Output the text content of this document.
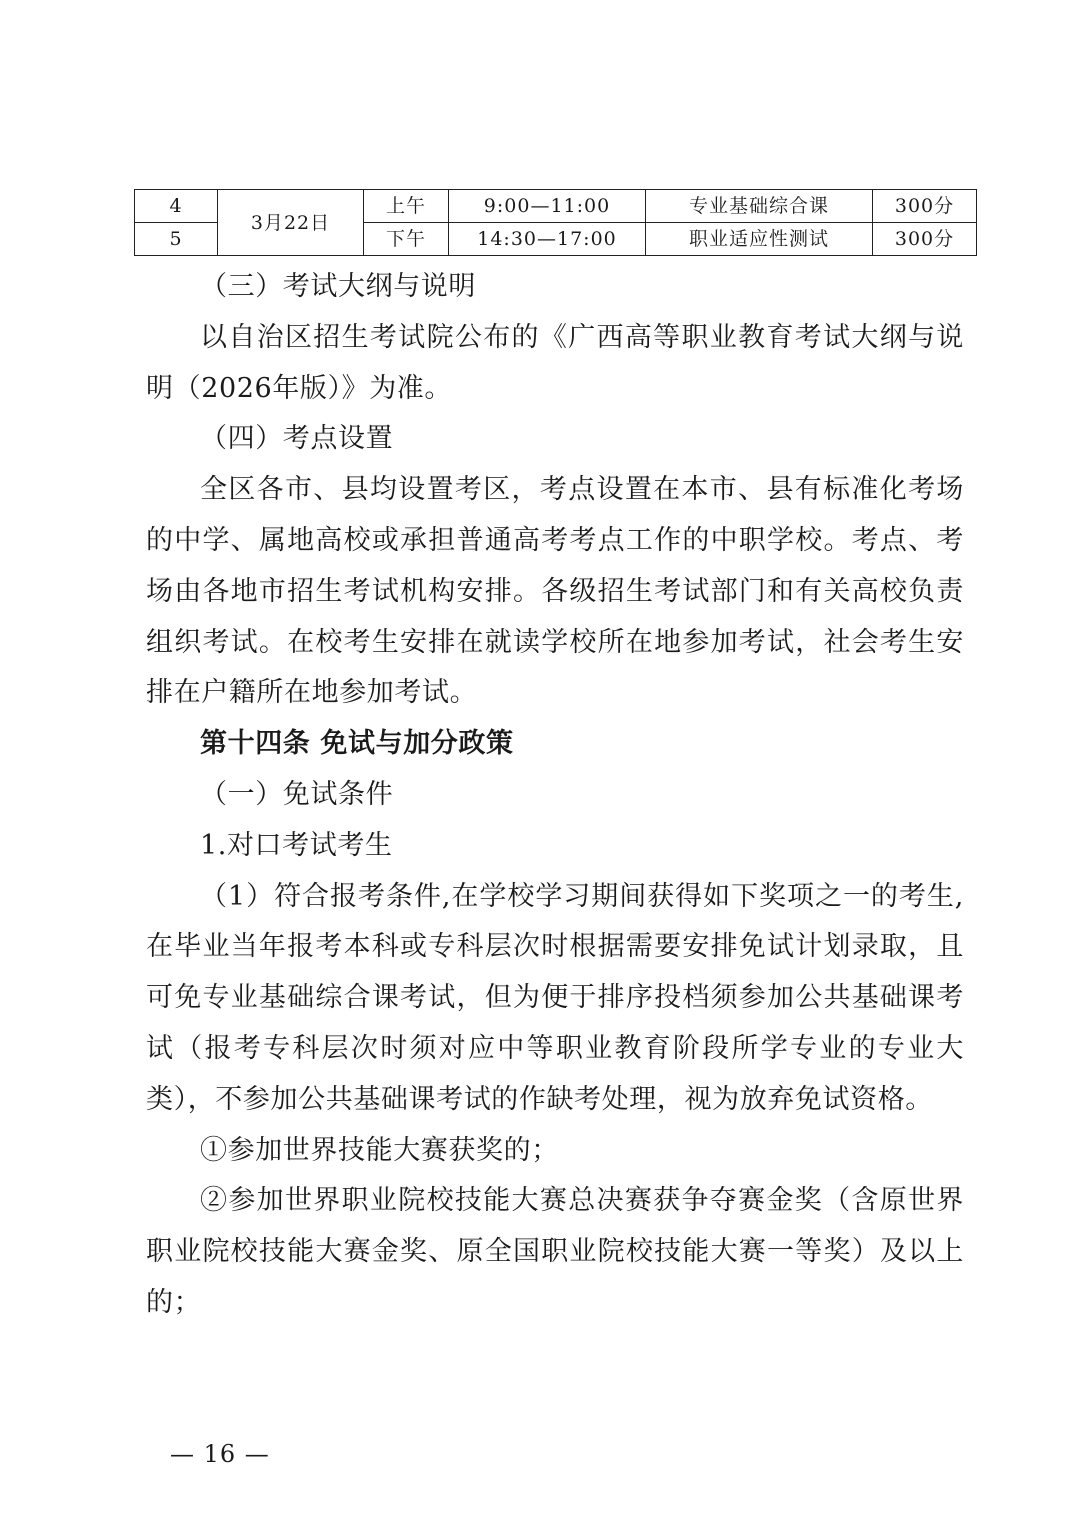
4	3月22日	上午	9:00—11:00	专业基础综合课	300分
5		下午	14:30—17:00	职业适应性测试	300分

（三）考试大纲与说明

以自治区招生考试院公布的《广西高等职业教育考试大纲与说明（2026年版）》为准。

（四）考点设置

全区各市、县均设置考区，考点设置在本市、县有标准化考场的中学、属地高校或承担普通高考考点工作的中职学校。考点、考场由各地市招生考试机构安排。各级招生考试部门和有关高校负责组织考试。在校考生安排在就读学校所在地参加考试，社会考生安排在户籍所在地参加考试。

第十四条 免试与加分政策

（一）免试条件

1.对口考试考生

（1）符合报考条件,在学校学习期间获得如下奖项之一的考生,在毕业当年报考本科或专科层次时根据需要安排免试计划录取，且可免专业基础综合课考试，但为便于排序投档须参加公共基础课考试（报考专科层次时须对应中等职业教育阶段所学专业的专业大类），不参加公共基础课考试的作缺考处理，视为放弃免试资格。

①参加世界技能大赛获奖的；

②参加世界职业院校技能大赛总决赛获争夺赛金奖（含原世界职业院校技能大赛金奖、原全国职业院校技能大赛一等奖）及以上的；

— 16 —
